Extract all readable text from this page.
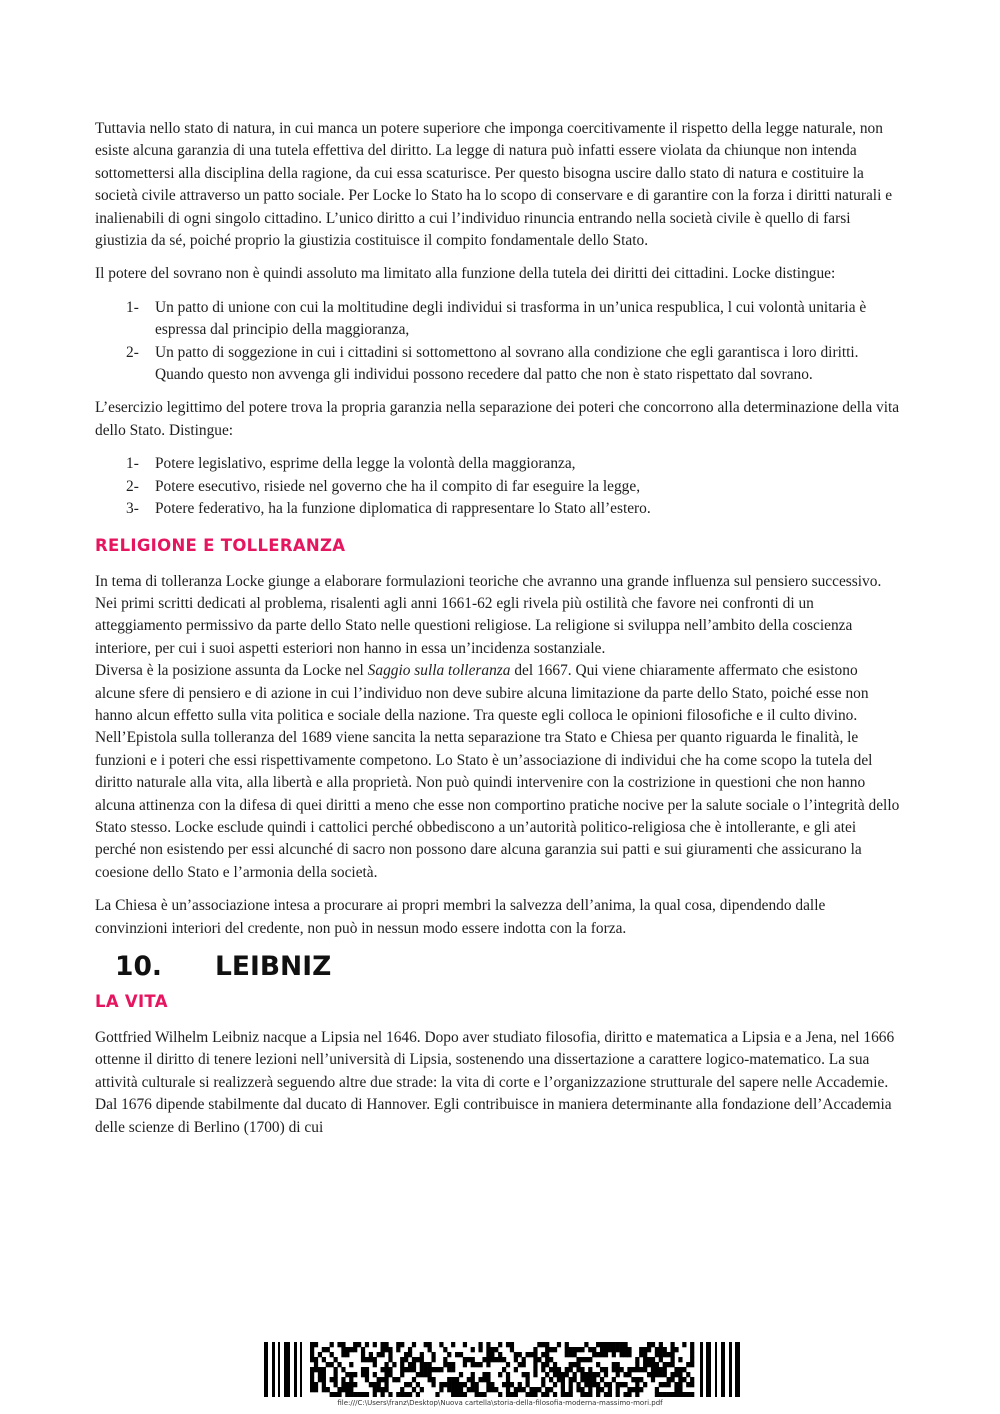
Tuttavia nello stato di natura, in cui manca un potere superiore che imponga coercitivamente il rispetto della legge naturale, non esiste alcuna garanzia di una tutela effettiva del diritto. La legge di natura può infatti essere violata da chiunque non intenda sottomettersi alla disciplina della ragione, da cui essa scaturisce. Per questo bisogna uscire dallo stato di natura e costituire la società civile attraverso un patto sociale. Per Locke lo Stato ha lo scopo di conservare e di garantire con la forza i diritti naturali e inalienabili di ogni singolo cittadino. L’unico diritto a cui l’individuo rinuncia entrando nella società civile è quello di farsi giustizia da sé, poiché proprio la giustizia costituisce il compito fondamentale dello Stato.

Il potere del sovrano non è quindi assoluto ma limitato alla funzione della tutela dei diritti dei cittadini. Locke distingue:

1- Un patto di unione con cui la moltitudine degli individui si trasforma in un’unica respublica, l cui volontà unitaria è espressa dal principio della maggioranza,
2- Un patto di soggezione in cui i cittadini si sottomettono al sovrano alla condizione che egli garantisca i loro diritti. Quando questo non avvenga gli individui possono recedere dal patto che non è stato rispettato dal sovrano.

L’esercizio legittimo del potere trova la propria garanzia nella separazione dei poteri che concorrono alla determinazione della vita dello Stato. Distingue:

1- Potere legislativo, esprime della legge la volontà della maggioranza,
2- Potere esecutivo, risiede nel governo che ha il compito di far eseguire la legge,
3- Potere federativo, ha la funzione diplomatica di rappresentare lo Stato all’estero.
RELIGIONE E TOLLERANZA

In tema di tolleranza Locke giunge a elaborare formulazioni teoriche che avranno una grande influenza sul pensiero successivo. Nei primi scritti dedicati al problema, risalenti agli anni 1661-62 egli rivela più ostilità che favore nei confronti di un atteggiamento permissivo da parte dello Stato nelle questioni religiose. La religione si sviluppa nell’ambito della coscienza interiore, per cui i suoi aspetti esteriori non hanno in essa un’incidenza sostanziale.

Diversa è la posizione assunta da Locke nel Saggio sulla tolleranza del 1667. Qui viene chiaramente affermato che esistono alcune sfere di pensiero e di azione in cui l’individuo non deve subire alcuna limitazione da parte dello Stato, poiché esse non hanno alcun effetto sulla vita politica e sociale della nazione. Tra queste egli colloca le opinioni filosofiche e il culto divino.

Nell’Epistola sulla tolleranza del 1689 viene sancita la netta separazione tra Stato e Chiesa per quanto riguarda le finalità, le funzioni e i poteri che essi rispettivamente competono. Lo Stato è un’associazione di individui che ha come scopo la tutela del diritto naturale alla vita, alla libertà e alla proprietà. Non può quindi intervenire con la costrizione in questioni che non hanno alcuna attinenza con la difesa di quei diritti a meno che esse non comportino pratiche nocive per la salute sociale o l’integrità dello Stato stesso. Locke esclude quindi i cattolici perché obbediscono a un’autorità politico-religiosa che è intollerante, e gli atei perché non esistendo per essi alcunché di sacro non possono dare alcuna garanzia sui patti e sui giuramenti che assicurano la coesione dello Stato e l’armonia della società.

La Chiesa è un’associazione intesa a procurare ai propri membri la salvezza dell’anima, la qual cosa, dipendendo dalle convinzioni interiori del credente, non può in nessun modo essere indotta con la forza.

10.	LEIBNIZ
LA VITA

Gottfried Wilhelm Leibniz nacque a Lipsia nel 1646. Dopo aver studiato filosofia, diritto e matematica a Lipsia e a Jena, nel 1666 ottenne il diritto di tenere lezioni nell’università di Lipsia, sostenendo una dissertazione a carattere logico-matematico. La sua attività culturale si realizzerà seguendo altre due strade: la vita di corte e l’organizzazione strutturale del sapere nelle Accademie. Dal 1676 dipende stabilmente dal ducato di Hannover. Egli contribuisce in maniera determinante alla fondazione dell’Accademia delle scienze di Berlino (1700) di cui

file:///C:\Users\franz\Desktop\Nuova cartella\storia-della-filosofia-moderna-massimo-mori.pdf
